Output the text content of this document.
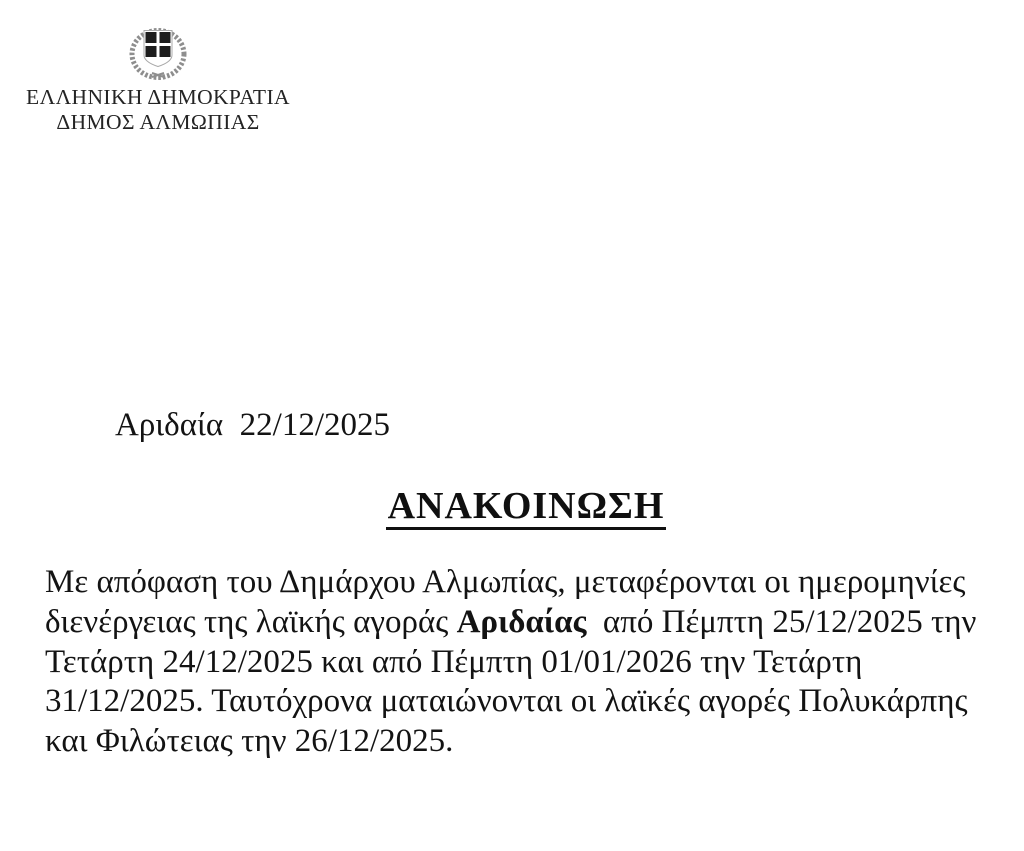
ΕΛΛΗΝΙΚΗ ΔΗΜΟΚΡΑΤΙΑ
ΔΗΜΟΣ ΑΛΜΩΠΙΑΣ
Αριδαία  22/12/2025
ΑΝΑΚΟΙΝΩΣΗ
Με απόφαση του Δημάρχου Αλμωπίας, μεταφέρονται οι ημερομηνίες
διενέργειας της λαϊκής αγοράς Αριδαίας  από Πέμπτη 25/12/2025 την
Τετάρτη 24/12/2025 και από Πέμπτη 01/01/2026 την Τετάρτη
31/12/2025. Ταυτόχρονα ματαιώνονται οι λαϊκές αγορές Πολυκάρπης
και Φιλώτειας την 26/12/2025.
